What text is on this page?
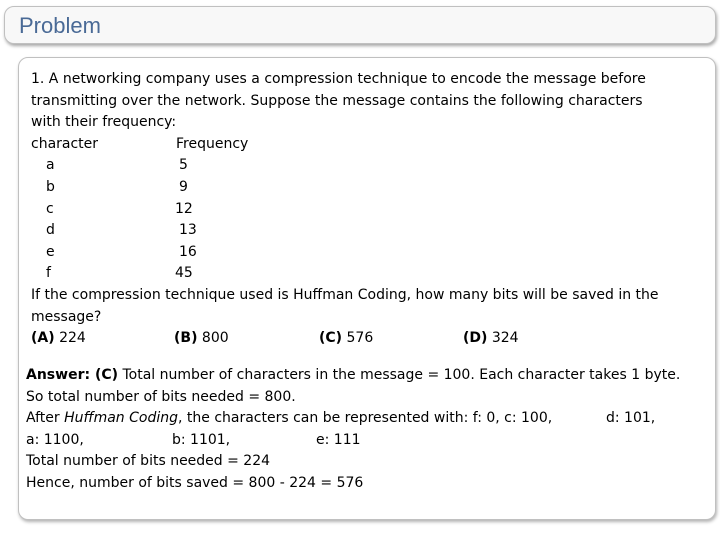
Problem

1. A networking company uses a compression technique to encode the message before

transmitting over the network. Suppose the message contains the following characters

with their frequency:

character	Frequency
a	5
b	9
c	12
d	13
e	16
f	45

If the compression technique used is Huffman Coding, how many bits will be saved in the

message?

(A) 224	(B) 800	(C) 576	(D) 324

Answer: (C) Total number of characters in the message = 100. Each character takes 1 byte.

So total number of bits needed = 800.

After Huffman Coding, the characters can be represented with: f: 0, c: 100,	d: 101,
a: 1100,	b: 1101,	e: 111

Total number of bits needed = 224

Hence, number of bits saved = 800 - 224 = 576
